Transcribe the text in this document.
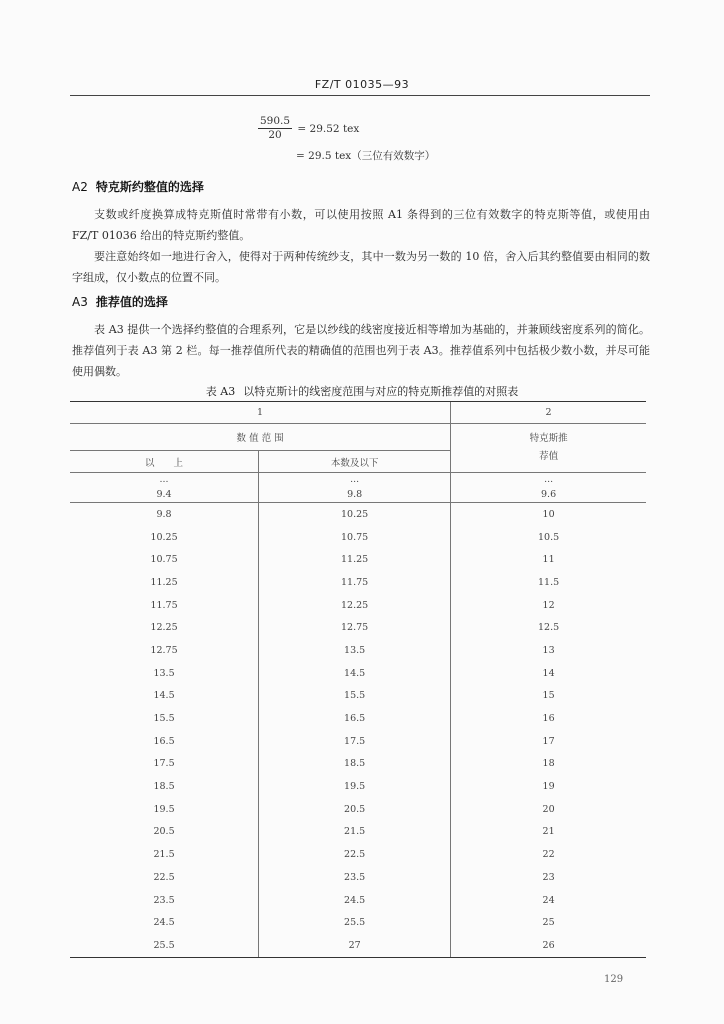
FZ/T 01035—93
$\frac{590.5}{20} = 29.52$ tex
= 29.5 tex（三位有效数字）
A2 特克斯约整值的选择

支数或纤度换算成特克斯值时常带有小数，可以使用按照 A1 条得到的三位有效数字的特克斯等值，或使用由 FZ/T 01036 给出的特克斯约整值。

要注意始终如一地进行舍入，使得对于两种传统纱支，其中一数为另一数的 10 倍，舍入后其约整值要由相同的数字组成，仅小数点的位置不同。

A3 推荐值的选择

表 A3 提供一个选择约整值的合理系列，它是以纱线的线密度接近相等增加为基础的，并兼顾线密度系列的简化。推荐值列于表 A3 第 2 栏。每一推荐值所代表的精确值的范围也列于表 A3。推荐值系列中包括极少数小数，并尽可能使用偶数。

表 A3 以特克斯计的线密度范围与对应的特克斯推荐值的对照表
1		2
数 值 范 围		特克斯推荐值
以　　上	本数及以下	
…	…	…
9.4	9.8	9.6
9.8	10.25	10
10.25	10.75	10.5
10.75	11.25	11
11.25	11.75	11.5
11.75	12.25	12
12.25	12.75	12.5
12.75	13.5	13
13.5	14.5	14
14.5	15.5	15
15.5	16.5	16
16.5	17.5	17
17.5	18.5	18
18.5	19.5	19
19.5	20.5	20
20.5	21.5	21
21.5	22.5	22
22.5	23.5	23
23.5	24.5	24
24.5	25.5	25
25.5	27	26
129
